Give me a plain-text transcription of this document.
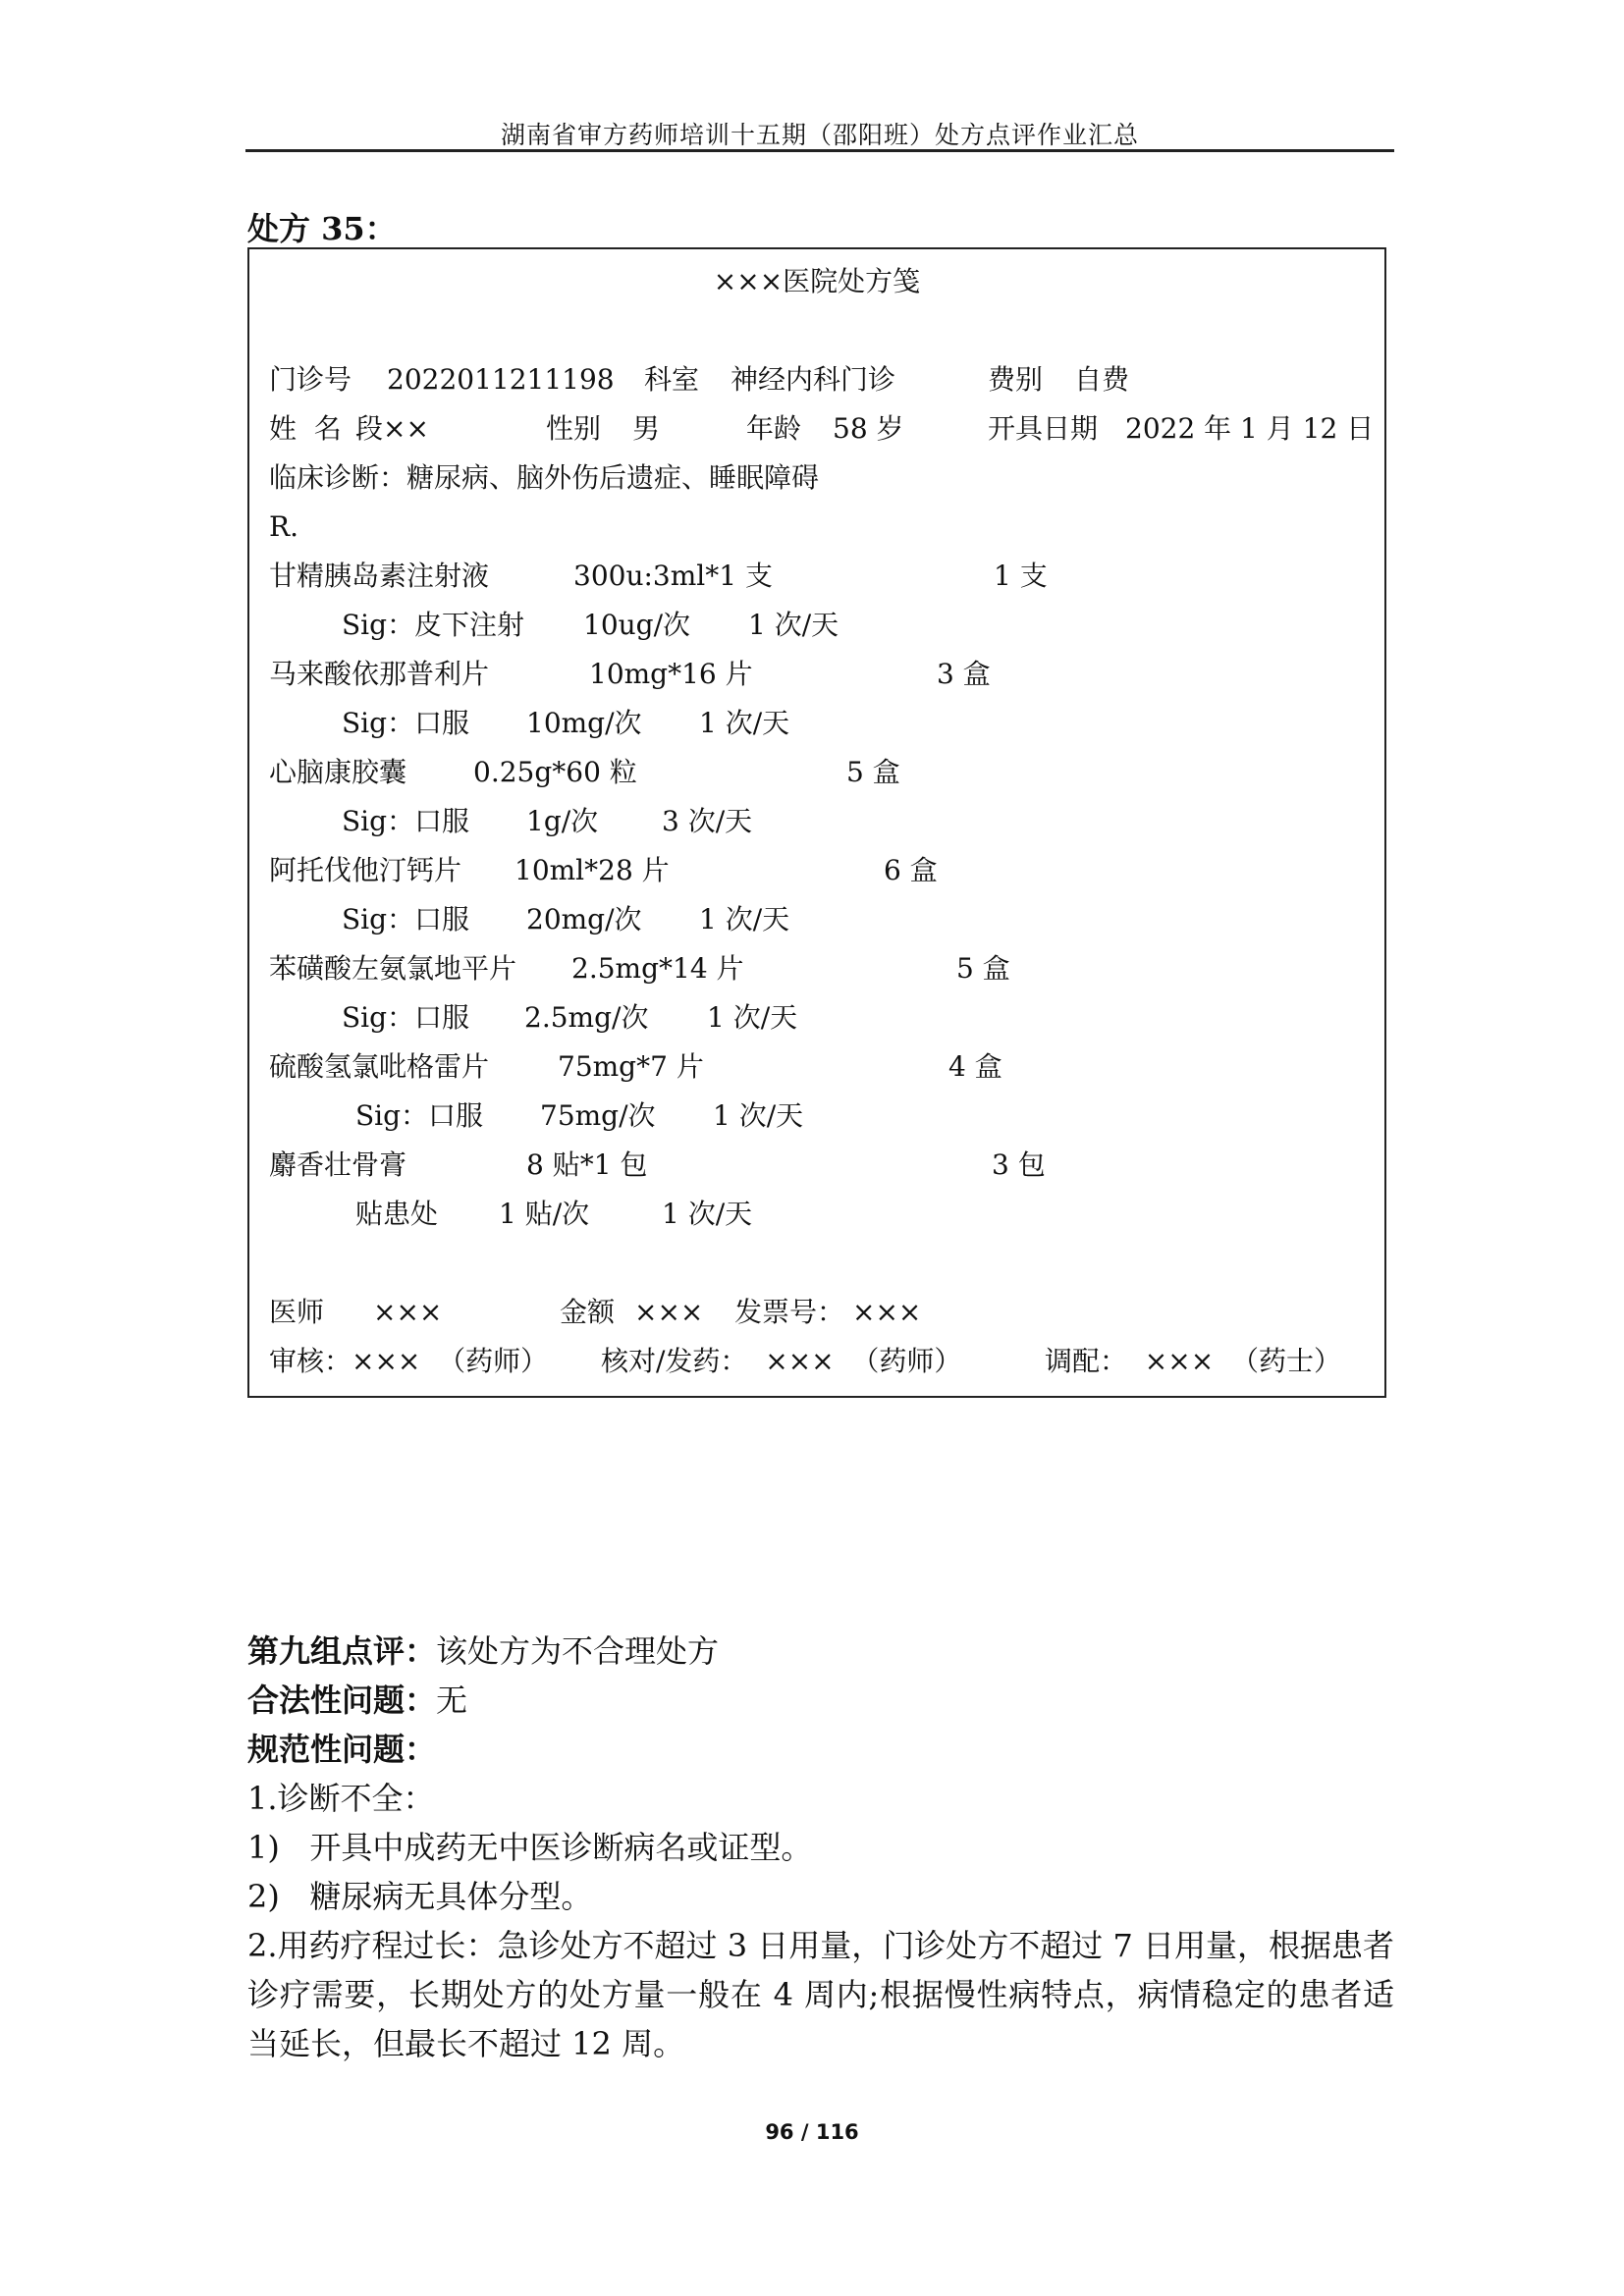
湖南省审方药师培训十五期（邵阳班）处方点评作业汇总
处方 35：
×××医院处方笺
门诊号 2022011211198 科室 神经内科门诊	费别 自费
姓  名 段××	性别 男	年龄 58 岁	开具日期 2022 年 1 月 12 日
临床诊断：糖尿病、脑外伤后遗症、睡眠障碍
R.
甘精胰岛素注射液	300u:3ml*1 支	1 支
Sig：皮下注射 10ug/次 1 次/天
马来酸依那普利片	10mg*16 片	3 盒
Sig：口服 10mg/次 1 次/天
心脑康胶囊 0.25g*60 粒	5 盒
Sig：口服 1g/次 3 次/天
阿托伐他汀钙片 10ml*28 片	6 盒
Sig：口服 20mg/次 1 次/天
苯磺酸左氨氯地平片 2.5mg*14 片	5 盒
Sig：口服 2.5mg/次 1 次/天
硫酸氢氯吡格雷片 75mg*7 片	4 盒
Sig：口服 75mg/次 1 次/天
麝香壮骨膏	8 贴*1 包	3 包
贴患处 1 贴/次	1 次/天
医师 ×××	金额 ××× 发票号： ×××
审核：×××  （药师） 核对/发药：  ×××  （药师）	调配：  ×××  （药士）
第九组点评：该处方为不合理处方
合法性问题：无
规范性问题：
1.诊断不全：
1)   开具中成药无中医诊断病名或证型。
2)   糖尿病无具体分型。
2.用药疗程过长：急诊处方不超过 3 日用量，门诊处方不超过 7 日用量，根据患者诊疗需要，长期处方的处方量一般在 4 周内;根据慢性病特点，病情稳定的患者适当延长，但最长不超过 12 周。
96 / 116
